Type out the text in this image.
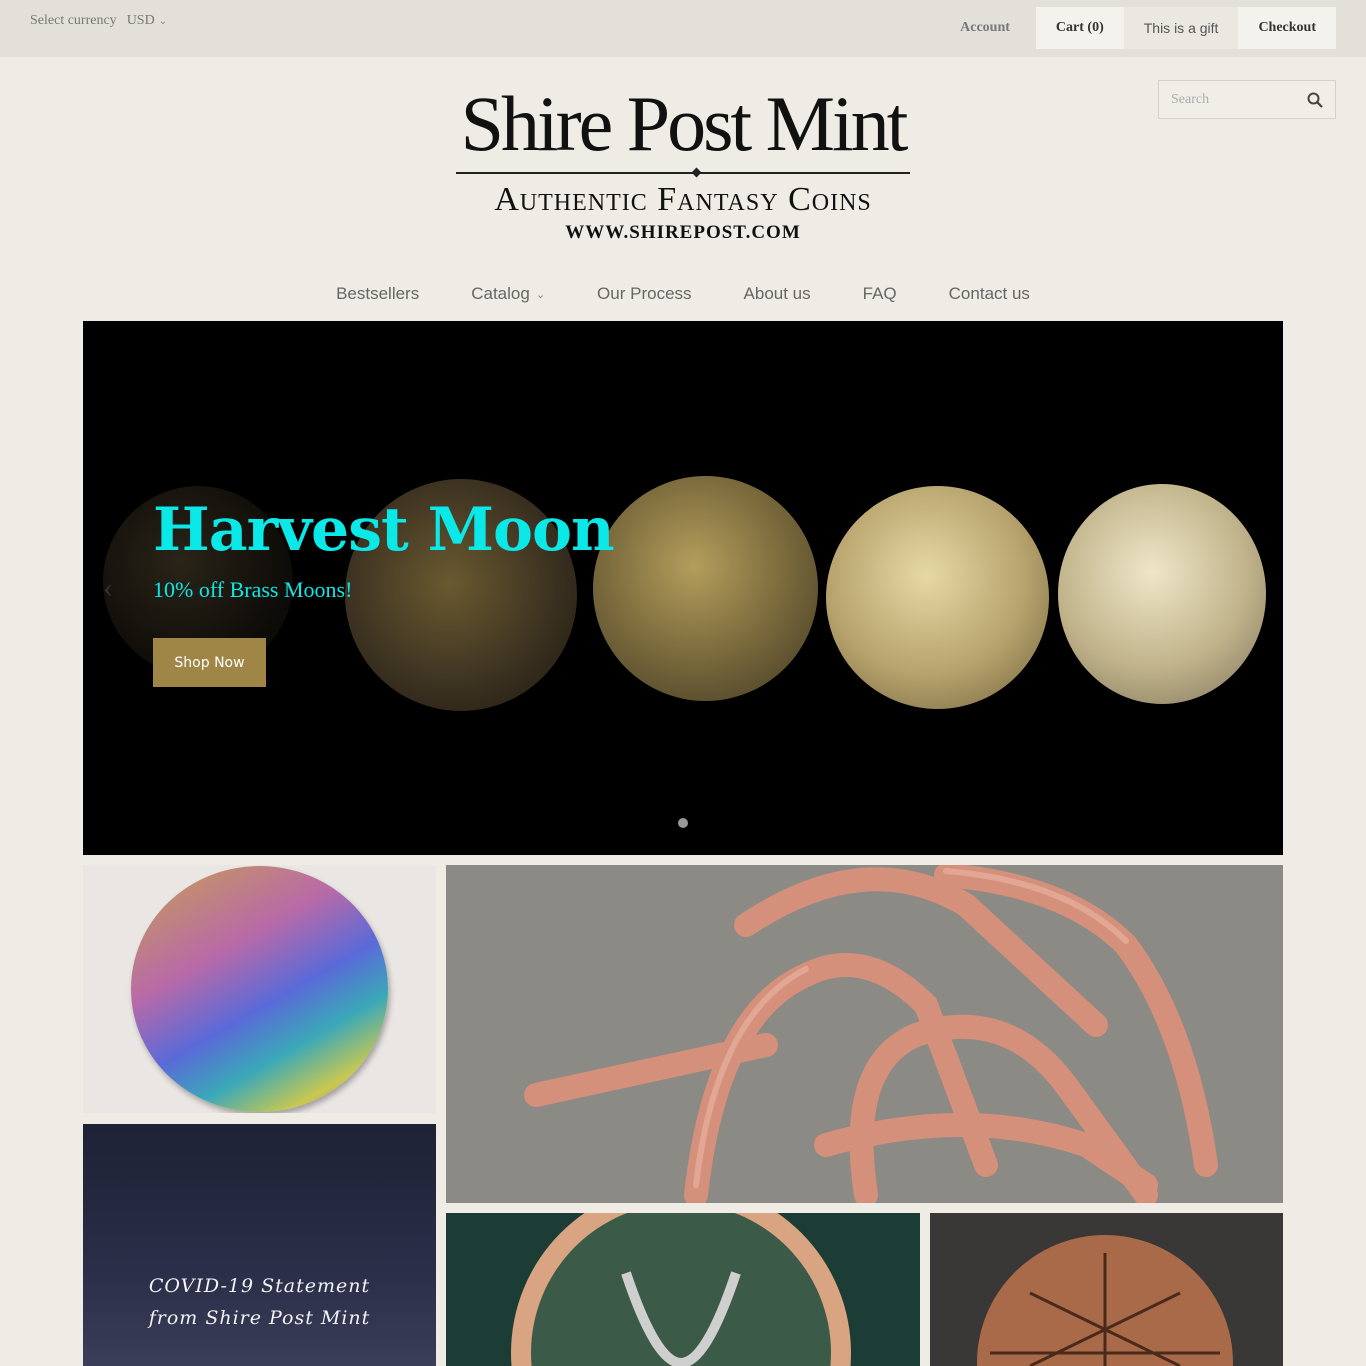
Select currency USD ⌄	Account	Cart (0)	This is a gift	Checkout
Shire Post Mint
Authentic Fantasy Coins
WWW.SHIREPOST.COM
Search
Bestsellers	Catalog ⌄	Our Process	About us	FAQ	Contact us
‹
Harvest Moon
10% off Brass Moons!
Shop Now
COVID-19 Statement
from Shire Post Mint
